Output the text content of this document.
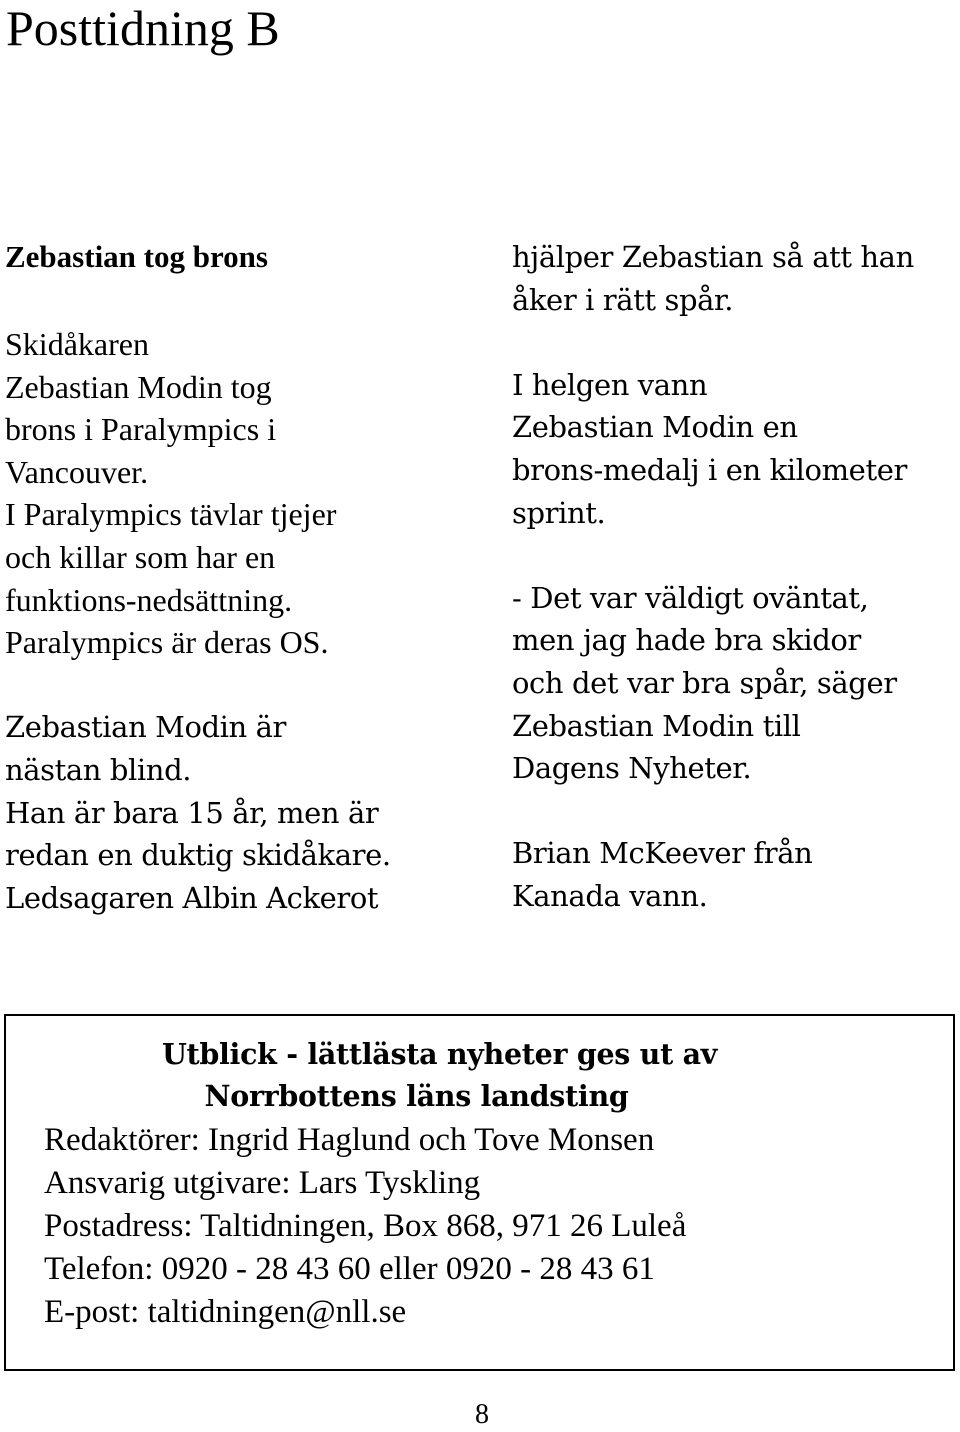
Posttidning B
Zebastian tog brons

Skidåkaren
Zebastian Modin tog
brons i Paralympics i
Vancouver.
I Paralympics tävlar tjejer
och killar som har en
funktions-nedsättning.
Paralympics är deras OS.

Zebastian Modin är
nästan blind.
Han är bara 15 år, men är
redan en duktig skidåkare.
Ledsagaren Albin Ackerot

hjälper Zebastian så att han
åker i rätt spår.

I helgen vann
Zebastian Modin en
brons-medalj i en kilometer
sprint.

- Det var väldigt oväntat,
men jag hade bra skidor
och det var bra spår, säger
Zebastian Modin till
Dagens Nyheter.

Brian McKeever från
Kanada vann.

Utblick - lättlästa nyheter ges ut av

Norrbottens läns landsting

Redaktörer: Ingrid Haglund och Tove Monsen
Ansvarig utgivare: Lars Tyskling
Postadress: Taltidningen, Box 868, 971 26 Luleå
Telefon: 0920 - 28 43 60 eller 0920 - 28 43 61
E-post: taltidningen@nll.se
8
